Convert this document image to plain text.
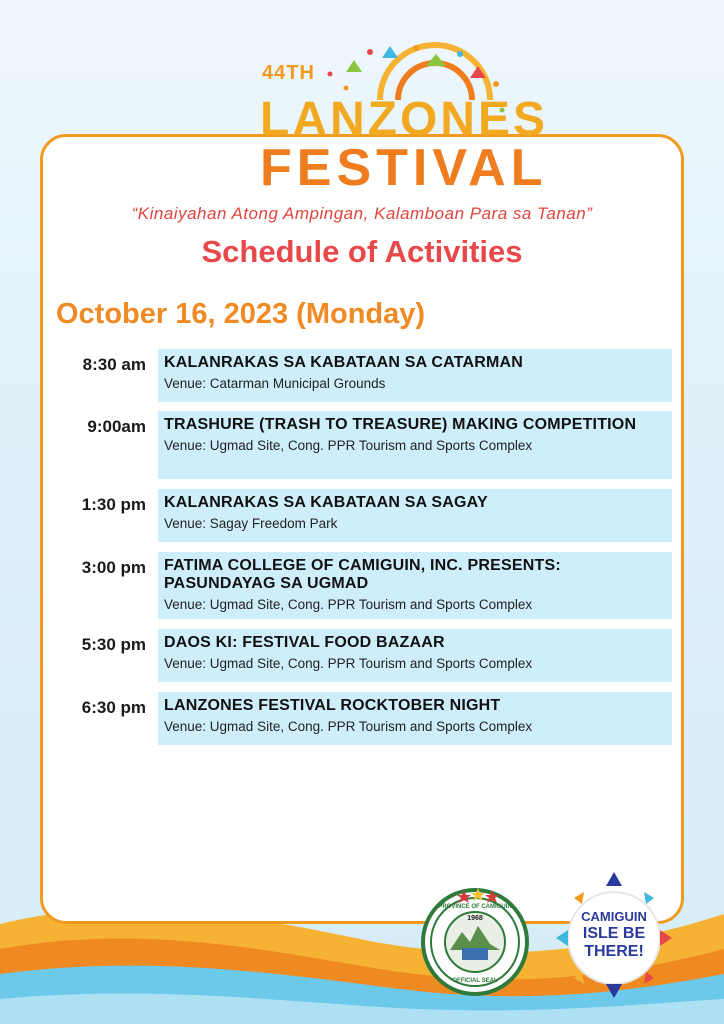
44TH
LANZONES
FESTIVAL
“Kinaiyahan Atong Ampingan, Kalamboan Para sa Tanan”
Schedule of Activities
October 16, 2023 (Monday)
8:30 am KALANRAKAS SA KABATAAN SA CATARMAN
Venue: Catarman Municipal Grounds
9:00am TRASHURE (TRASH TO TREASURE) MAKING COMPETITION
Venue: Ugmad Site, Cong. PPR Tourism and Sports Complex
1:30 pm KALANRAKAS SA KABATAAN SA SAGAY
Venue: Sagay Freedom Park
3:00 pm FATIMA COLLEGE OF CAMIGUIN, INC. PRESENTS: PASUNDAYAG SA UGMAD
Venue: Ugmad Site, Cong. PPR Tourism and Sports Complex
5:30 pm DAOS KI: FESTIVAL FOOD BAZAAR
Venue: Ugmad Site, Cong. PPR Tourism and Sports Complex
6:30 pm LANZONES FESTIVAL ROCKTOBER NIGHT
Venue: Ugmad Site, Cong. PPR Tourism and Sports Complex
1968
PROVINCE OF CAMIGUIN
OFFICIAL SEAL
CAMIGUIN
ISLE BE
THERE!
